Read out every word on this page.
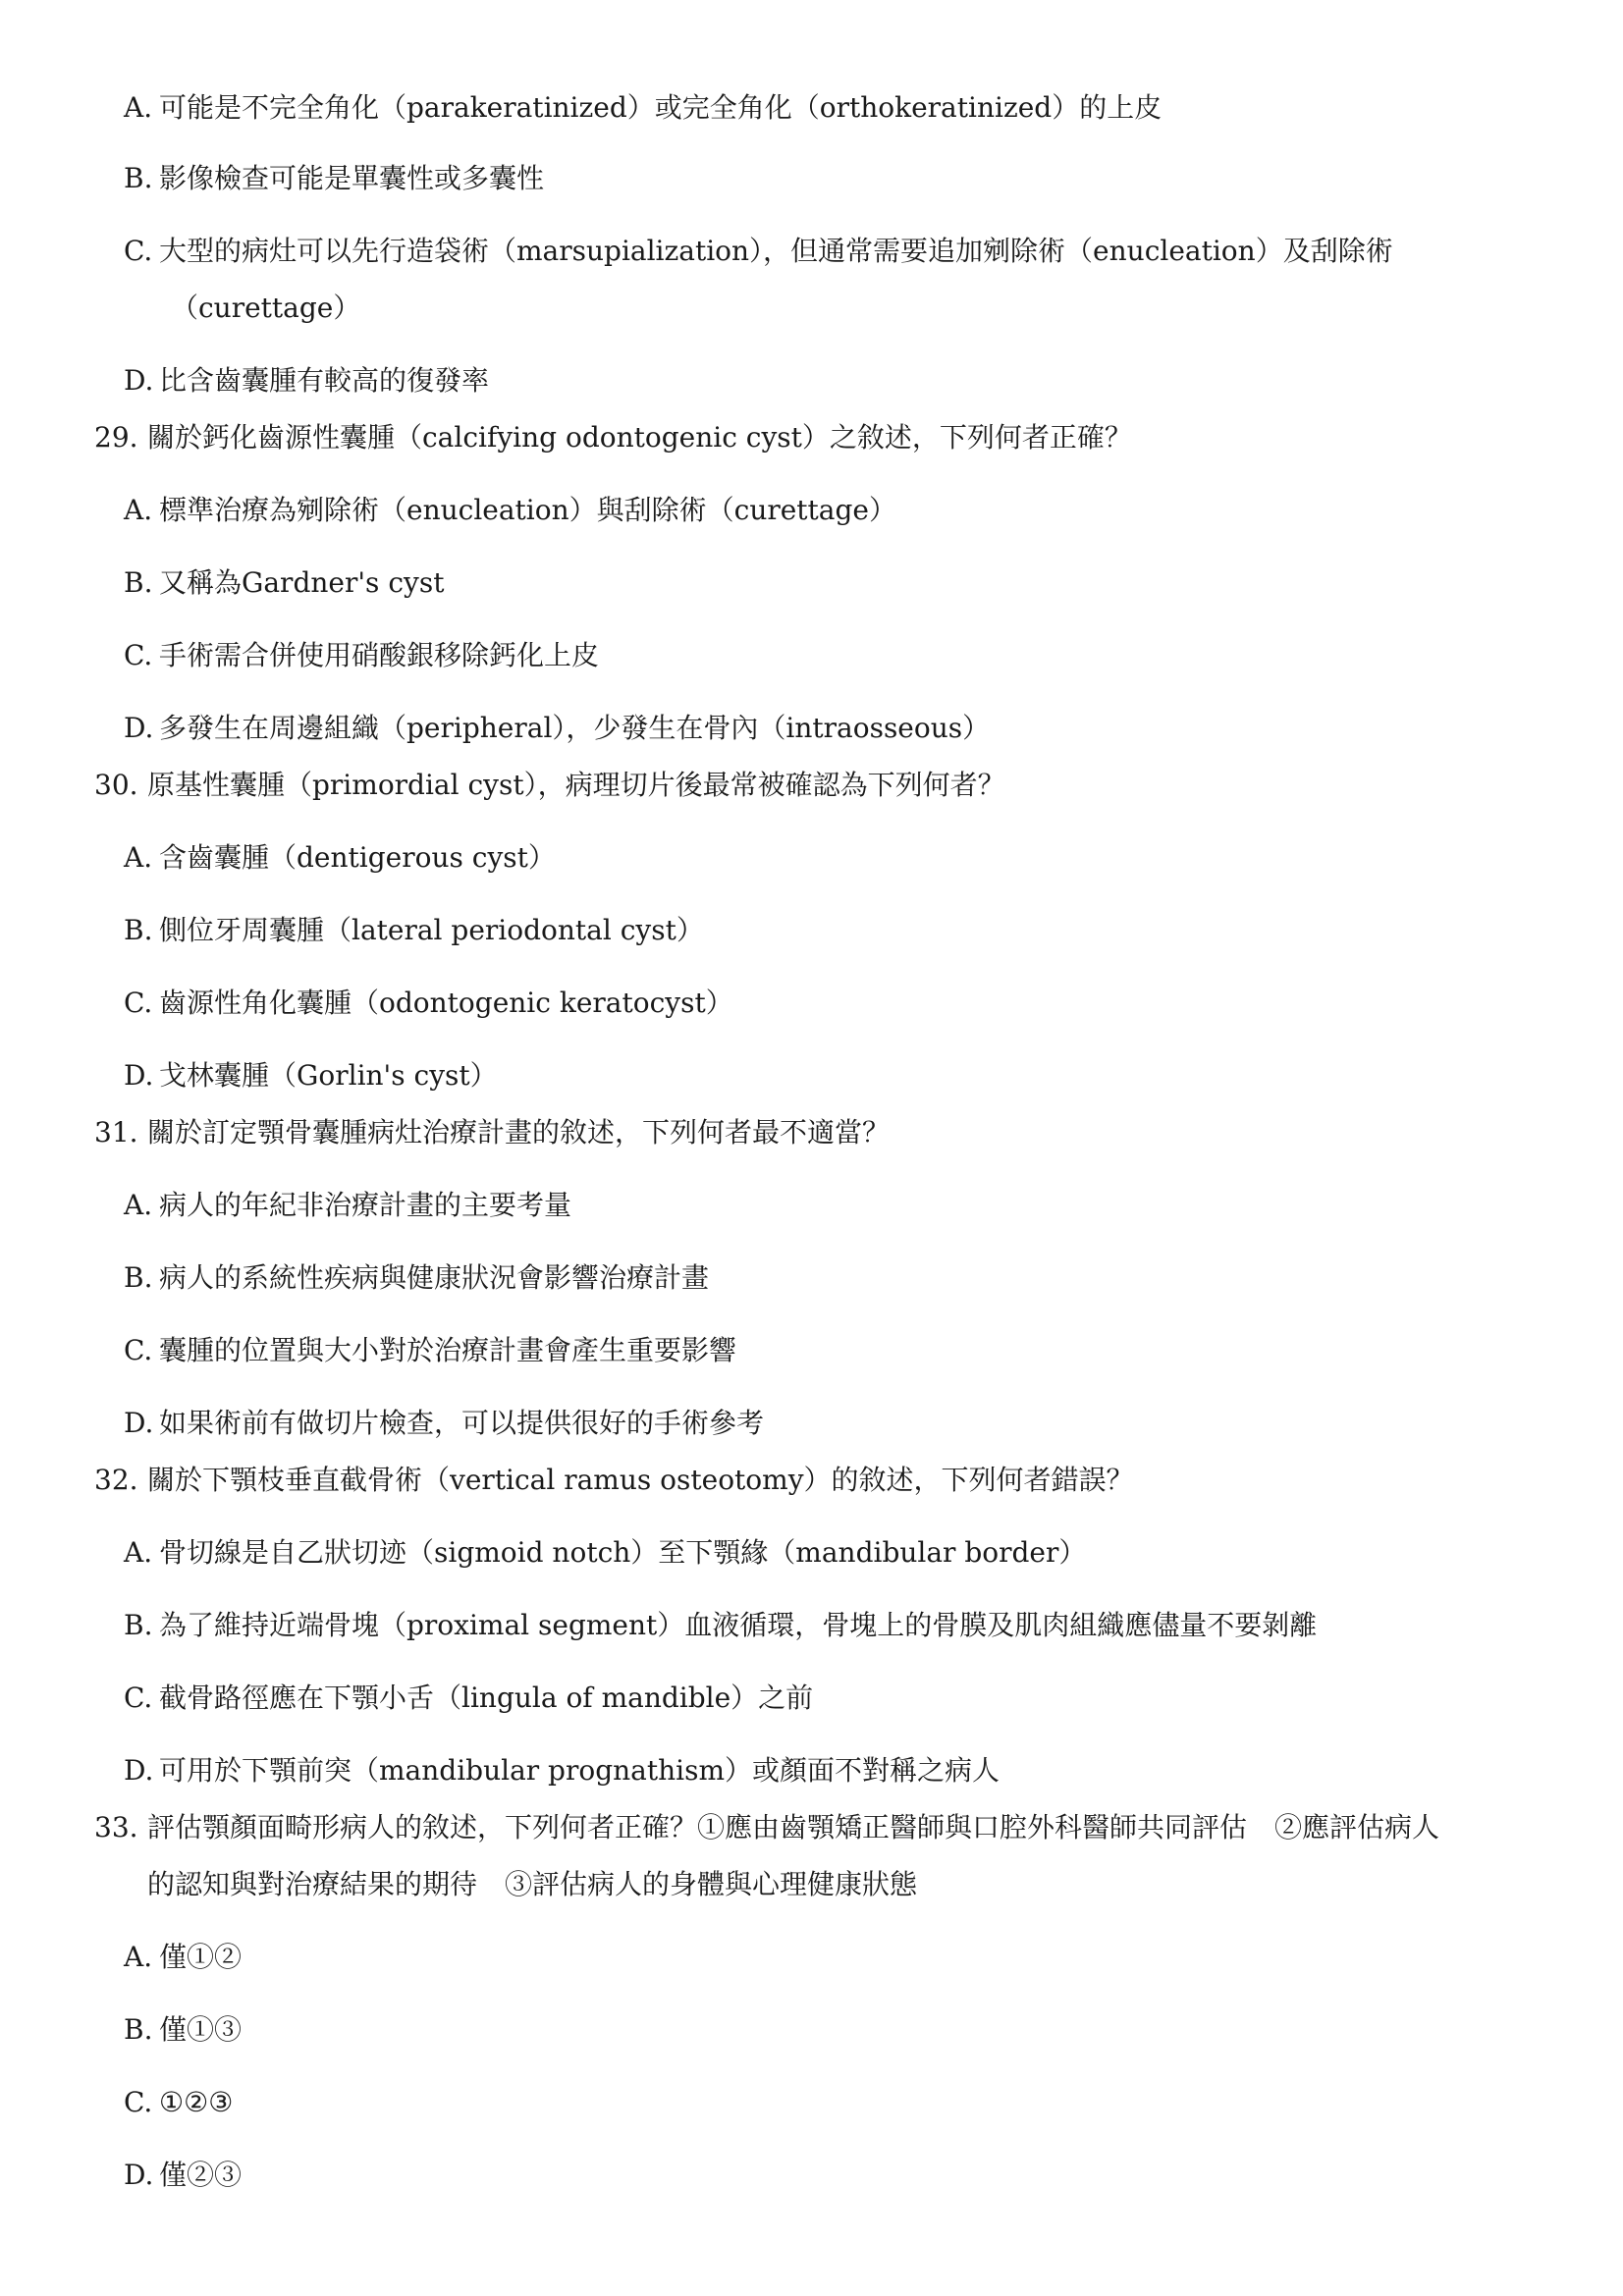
A. 可能是不完全角化（parakeratinized）或完全角化（orthokeratinized）的上皮
B. 影像檢查可能是單囊性或多囊性
C. 大型的病灶可以先行造袋術（marsupialization），但通常需要追加剜除術（enucleation）及刮除術
（curettage）
D. 比含齒囊腫有較高的復發率
29. 關於鈣化齒源性囊腫（calcifying odontogenic cyst）之敘述，下列何者正確？
A. 標準治療為剜除術（enucleation）與刮除術（curettage）
B. 又稱為Gardner's cyst
C. 手術需合併使用硝酸銀移除鈣化上皮
D. 多發生在周邊組織（peripheral），少發生在骨內（intraosseous）
30. 原基性囊腫（primordial cyst），病理切片後最常被確認為下列何者？
A. 含齒囊腫（dentigerous cyst）
B. 側位牙周囊腫（lateral periodontal cyst）
C. 齒源性角化囊腫（odontogenic keratocyst）
D. 戈林囊腫（Gorlin's cyst）
31. 關於訂定顎骨囊腫病灶治療計畫的敘述，下列何者最不適當？
A. 病人的年紀非治療計畫的主要考量
B. 病人的系統性疾病與健康狀況會影響治療計畫
C. 囊腫的位置與大小對於治療計畫會產生重要影響
D. 如果術前有做切片檢查，可以提供很好的手術參考
32. 關於下顎枝垂直截骨術（vertical ramus osteotomy）的敘述，下列何者錯誤？
A. 骨切線是自乙狀切迹（sigmoid notch）至下顎緣（mandibular border）
B. 為了維持近端骨塊（proximal segment）血液循環，骨塊上的骨膜及肌肉組織應儘量不要剝離
C. 截骨路徑應在下顎小舌（lingula of mandible）之前
D. 可用於下顎前突（mandibular prognathism）或顏面不對稱之病人
33. 評估顎顏面畸形病人的敘述，下列何者正確？①應由齒顎矯正醫師與口腔外科醫師共同評估　②應評估病人
的認知與對治療結果的期待　③評估病人的身體與心理健康狀態
A. 僅①②
B. 僅①③
C. ①②③
D. 僅②③
